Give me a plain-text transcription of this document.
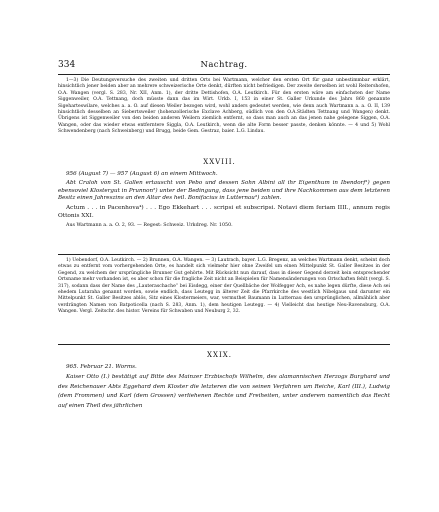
334	Nachtrag.

1—3) Die Deutungsversuche des zweiten und dritten Orts bei Wartmann, welcher den ersten Ort für ganz unbestimmbar erklärt, hinsichtlich jener beiden aber an mehrere schweizerische Orte denkt, dürften nicht befriedigen. Der zweite derselben ist wohl Reitershofen, O.A. Wangen (vergl. S. 283, Nr. XII, Anm. 1), der dritte Dettishofen, O.A. Leutkirch. Für den ersten wäre am einfachsten der Name Siggenweiler, O.A. Tettnang, doch müsste dann das im Wirt. Urkb. I, 153 in einer St. Galler Urkunde des Jahrs 860 genannte Sigeharteswilare, welches a. a. O. auf diesen Weiler bezogen wird, wohl anders gedeutet werden, wie denn auch Wartmann a. a. O. II, 139 hinsichtlich desselben an Siebertsweiler (hohenzollerische Exclave Achberg, südlich von den O.A.Städten Tettnang und Wangen) denkt. Übrigens ist Siggenweiler von den beiden anderen Weilern ziemlich entfernt, so dass man auch an das jenen nahe gelegene Siggen, O.A. Wangen, oder das wieder etwas entferntere Siggla, O.A. Leutkirch, wenn die alte Form besser passte, denken könnte. — 4 und 5) Wohl Schwendenberg (nach Schweinberg) und Brugg, beide Gem. Gestraz, baier. L.G. Lindau.

XXVIII.

956 (August 7) — 957 (August 6) an einem Mittwoch.

Abt Craloh von St. Gallen ertauscht von Pebo und dessen Sohn Albini all ihr Eigenthum in Ibendorf¹) gegen ebensoviel Klostergut in Prunnon²) unter der Bedingung, dass jene beiden und ihre Nachkommen aus dem letzteren Besitz einen Jahreszins an den Altar des heil. Bonifacius in Lutternau³) zahlen.

Actum . . . in Pacenhova⁴) . . . Ego Ekkehart . . . scripsi et subscripsi. Notavi diem feriam IIII., annum regis Ottonis XXI.

Aus Wartmann a. a. O. 2, 93. — Regest: Schweiz. Urkdreg. Nr. 1050.

1) Uebendorf, O.A. Leutkirch. — 2) Brunnen, O.A. Wangen. — 3) Lautrach, bayer. L.G. Bregenz, an welches Wartmann denkt, scheint doch etwas zu entfernt vom vorhergehenden Orte, es handelt sich vielmehr hier ohne Zweifel um einen Mittelpunkt St. Galler Besitzes in der Gegend, zu welchem der ursprüngliche Brunner Gut gehörte. Mit Rücksicht nun darauf, dass in dieser Gegend derzeit kein entsprechender Ortsname mehr vorhanden ist, es aber schon für die fragliche Zeit nicht an Beispielen für Namensänderungen von Ortschaften fehlt (vergl. S. 317), sodann dass der Name des „Lauteraschache“ bei Eisdegg, einer der Quellbäche der Wolfegger Ach, es nahe legen dürfte, diese Ach sei ehedem Lutaraha genannt worden, sowie endlich, dass Leutegg in älterer Zeit die Pfarrkirche des westlich Nibelgaus und darunter ein Mittelpunkt St. Galler Besitzes ablös, Sitz eines Klostermeiers, war, vermuthet Baumann in Lutternau den ursprünglichen, allmählich aber verdrängten Namen von Batpoticella (nach S. 283, Anm. 1), dem heutigen Leutegg. — 4) Vielleicht das heutige Neu-Ravensburg, O.A. Wangen. Vergl. Zeitschr. des histor. Vereins für Schwaben und Neuburg 2, 32.

XXIX.

965. Februar 21. Worms.

Kaiser Otto (I.) bestätigt auf Bitte des Mainzer Erzbischofs Wilhelm, des alamannischen Herzogs Burghard und des Reichenauer Abts Eggehard dem Kloster die letzteren die von seinen Verfahren um Reiche, Karl (III.), Ludwig (dem Frommen) und Karl (dem Grossen) verliehenen Rechte und Freiheiten, unter anderem namentlich das Recht auf einen Theil des jährlichen
